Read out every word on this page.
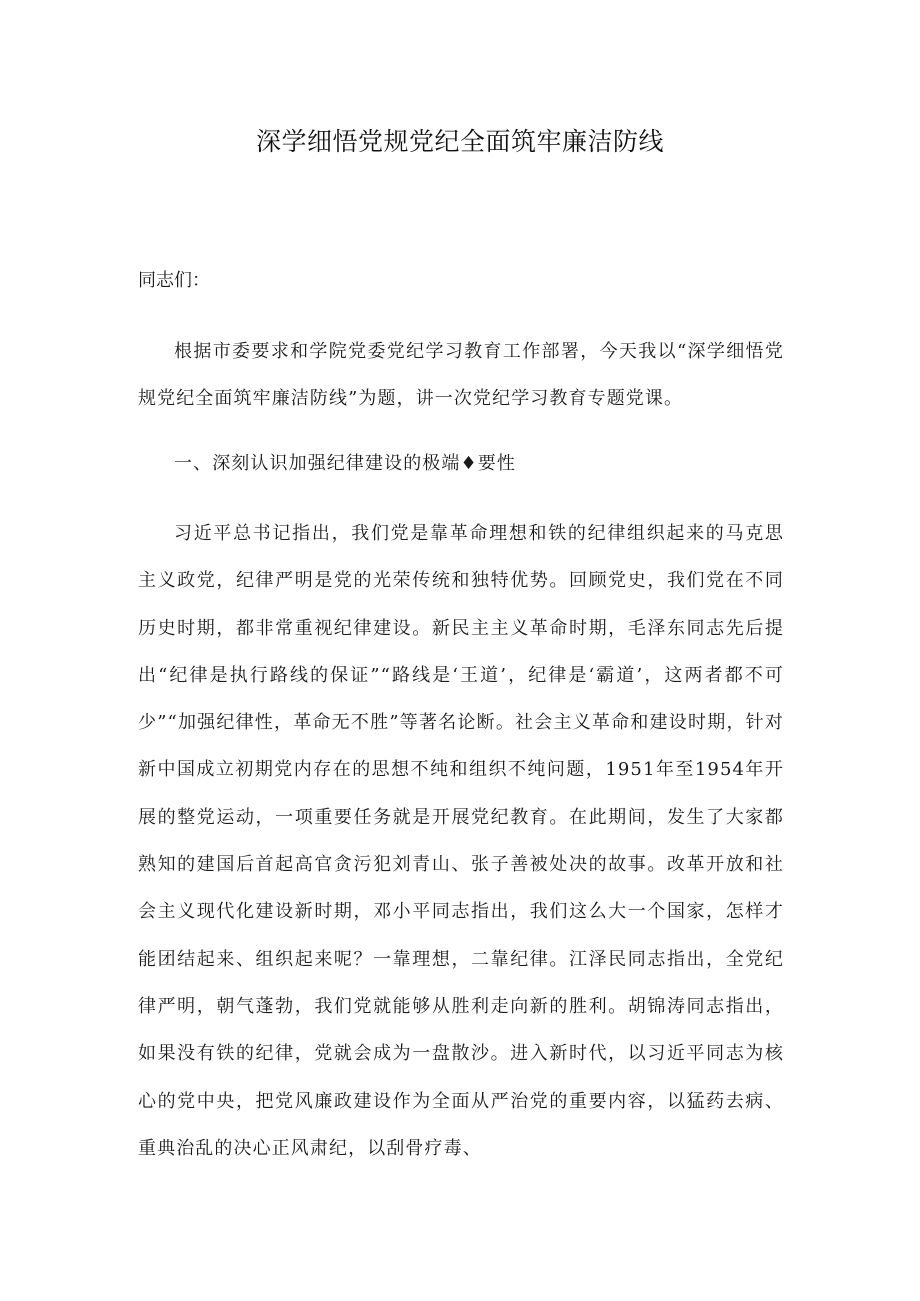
深学细悟党规党纪全面筑牢廉洁防线

同志们：

根据市委要求和学院党委党纪学习教育工作部署，今天我以“深学细悟党规党纪全面筑牢廉洁防线”为题，讲一次党纪学习教育专题党课。

一、深刻认识加强纪律建设的极端♦要性

习近平总书记指出，我们党是靠革命理想和铁的纪律组织起来的马克思主义政党，纪律严明是党的光荣传统和独特优势。回顾党史，我们党在不同历史时期，都非常重视纪律建设。新民主主义革命时期，毛泽东同志先后提出“纪律是执行路线的保证”“路线是‘王道’，纪律是‘霸道’，这两者都不可少”“加强纪律性，革命无不胜”等著名论断。社会主义革命和建设时期，针对新中国成立初期党内存在的思想不纯和组织不纯问题，1951年至1954年开展的整党运动，一项重要任务就是开展党纪教育。在此期间，发生了大家都熟知的建国后首起高官贪污犯刘青山、张子善被处决的故事。改革开放和社会主义现代化建设新时期，邓小平同志指出，我们这么大一个国家，怎样才能团结起来、组织起来呢？一靠理想，二靠纪律。江泽民同志指出，全党纪律严明，朝气蓬勃，我们党就能够从胜利走向新的胜利。胡锦涛同志指出，如果没有铁的纪律，党就会成为一盘散沙。进入新时代，以习近平同志为核心的党中央，把党风廉政建设作为全面从严治党的重要内容，以猛药去病、重典治乱的决心正风肃纪，以刮骨疗毒、
